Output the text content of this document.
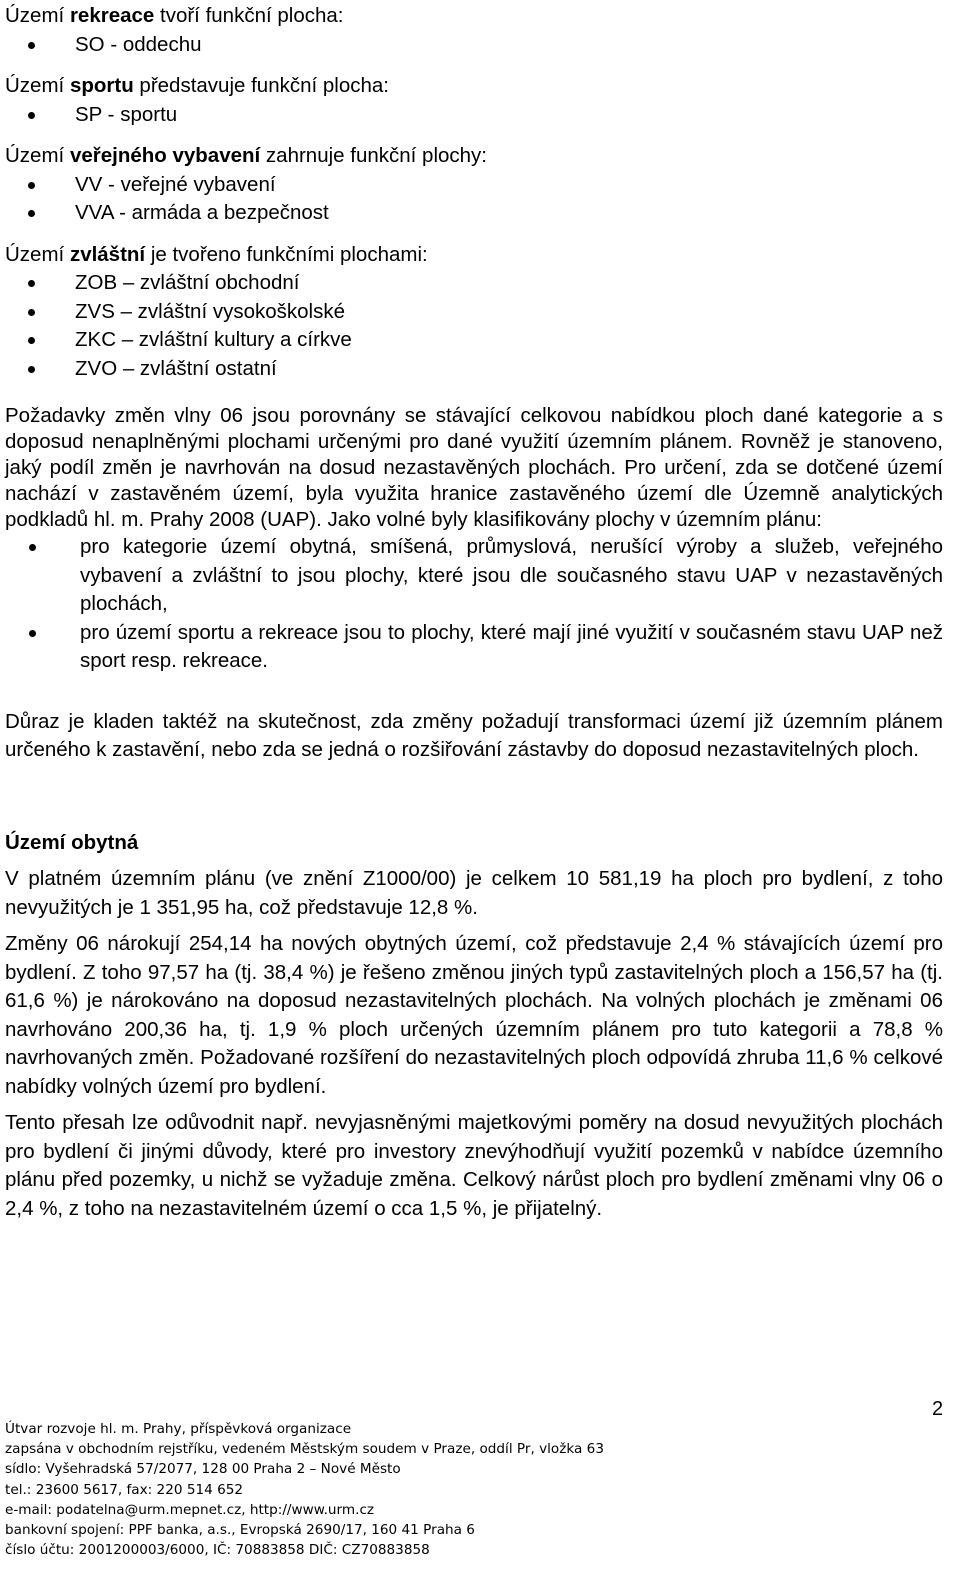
Území rekreace tvoří funkční plocha:

SO - oddechu

Území sportu představuje funkční plocha:

SP - sportu

Území veřejného vybavení zahrnuje funkční plochy:

VV - veřejné vybavení
VVA - armáda a bezpečnost

Území zvláštní je tvořeno funkčními plochami:

ZOB – zvláštní obchodní
ZVS – zvláštní vysokoškolské
ZKC – zvláštní kultury a církve
ZVO – zvláštní ostatní

Požadavky změn vlny 06 jsou porovnány se stávající celkovou nabídkou ploch dané kategorie a s doposud nenaplněnými plochami určenými pro dané využití územním plánem. Rovněž je stanoveno, jaký podíl změn je navrhován na dosud nezastavěných plochách. Pro určení, zda se dotčené území nachází v zastavěném území, byla využita hranice zastavěného území dle Územně analytických podkladů hl. m. Prahy 2008 (UAP). Jako volné byly klasifikovány plochy v územním plánu:

pro kategorie území obytná, smíšená, průmyslová, nerušící výroby a služeb, veřejného vybavení a zvláštní to jsou plochy, které jsou dle současného stavu UAP v nezastavěných plochách,
pro území sportu a rekreace jsou to plochy, které mají jiné využití v současném stavu UAP než sport resp. rekreace.

Důraz je kladen taktéž na skutečnost, zda změny požadují transformaci území již územním plánem určeného k zastavění, nebo zda se jedná o rozšiřování zástavby do doposud nezastavitelných ploch.

Území obytná

V platném územním plánu (ve znění Z1000/00) je celkem 10 581,19 ha ploch pro bydlení, z toho nevyužitých je 1 351,95 ha, což představuje 12,8 %.

Změny 06 nárokují 254,14 ha nových obytných území, což představuje 2,4 % stávajících území pro bydlení. Z toho 97,57 ha (tj. 38,4 %) je řešeno změnou jiných typů zastavitelných ploch a 156,57 ha (tj. 61,6 %) je nárokováno na doposud nezastavitelných plochách. Na volných plochách je změnami 06 navrhováno 200,36 ha, tj. 1,9 % ploch určených územním plánem pro tuto kategorii a 78,8 % navrhovaných změn. Požadované rozšíření do nezastavitelných ploch odpovídá zhruba 11,6 % celkové nabídky volných území pro bydlení.

Tento přesah lze odůvodnit např. nevyjasněnými majetkovými poměry na dosud nevyužitých plochách pro bydlení či jinými důvody, které pro investory znevýhodňují využití pozemků v nabídce územního plánu před pozemky, u nichž se vyžaduje změna. Celkový nárůst ploch pro bydlení změnami vlny 06 o 2,4 %, z toho na nezastavitelném území o cca 1,5 %, je přijatelný.

2
Útvar rozvoje hl. m. Prahy, příspěvková organizace
zapsána v obchodním rejstříku, vedeném Městským soudem v Praze, oddíl Pr, vložka 63
sídlo: Vyšehradská 57/2077, 128 00 Praha 2 – Nové Město
tel.: 23600 5617, fax: 220 514 652
e-mail: podatelna@urm.mepnet.cz, http://www.urm.cz
bankovní spojení: PPF banka, a.s., Evropská 2690/17, 160 41 Praha 6
číslo účtu: 2001200003/6000, IČ: 70883858 DIČ: CZ70883858
